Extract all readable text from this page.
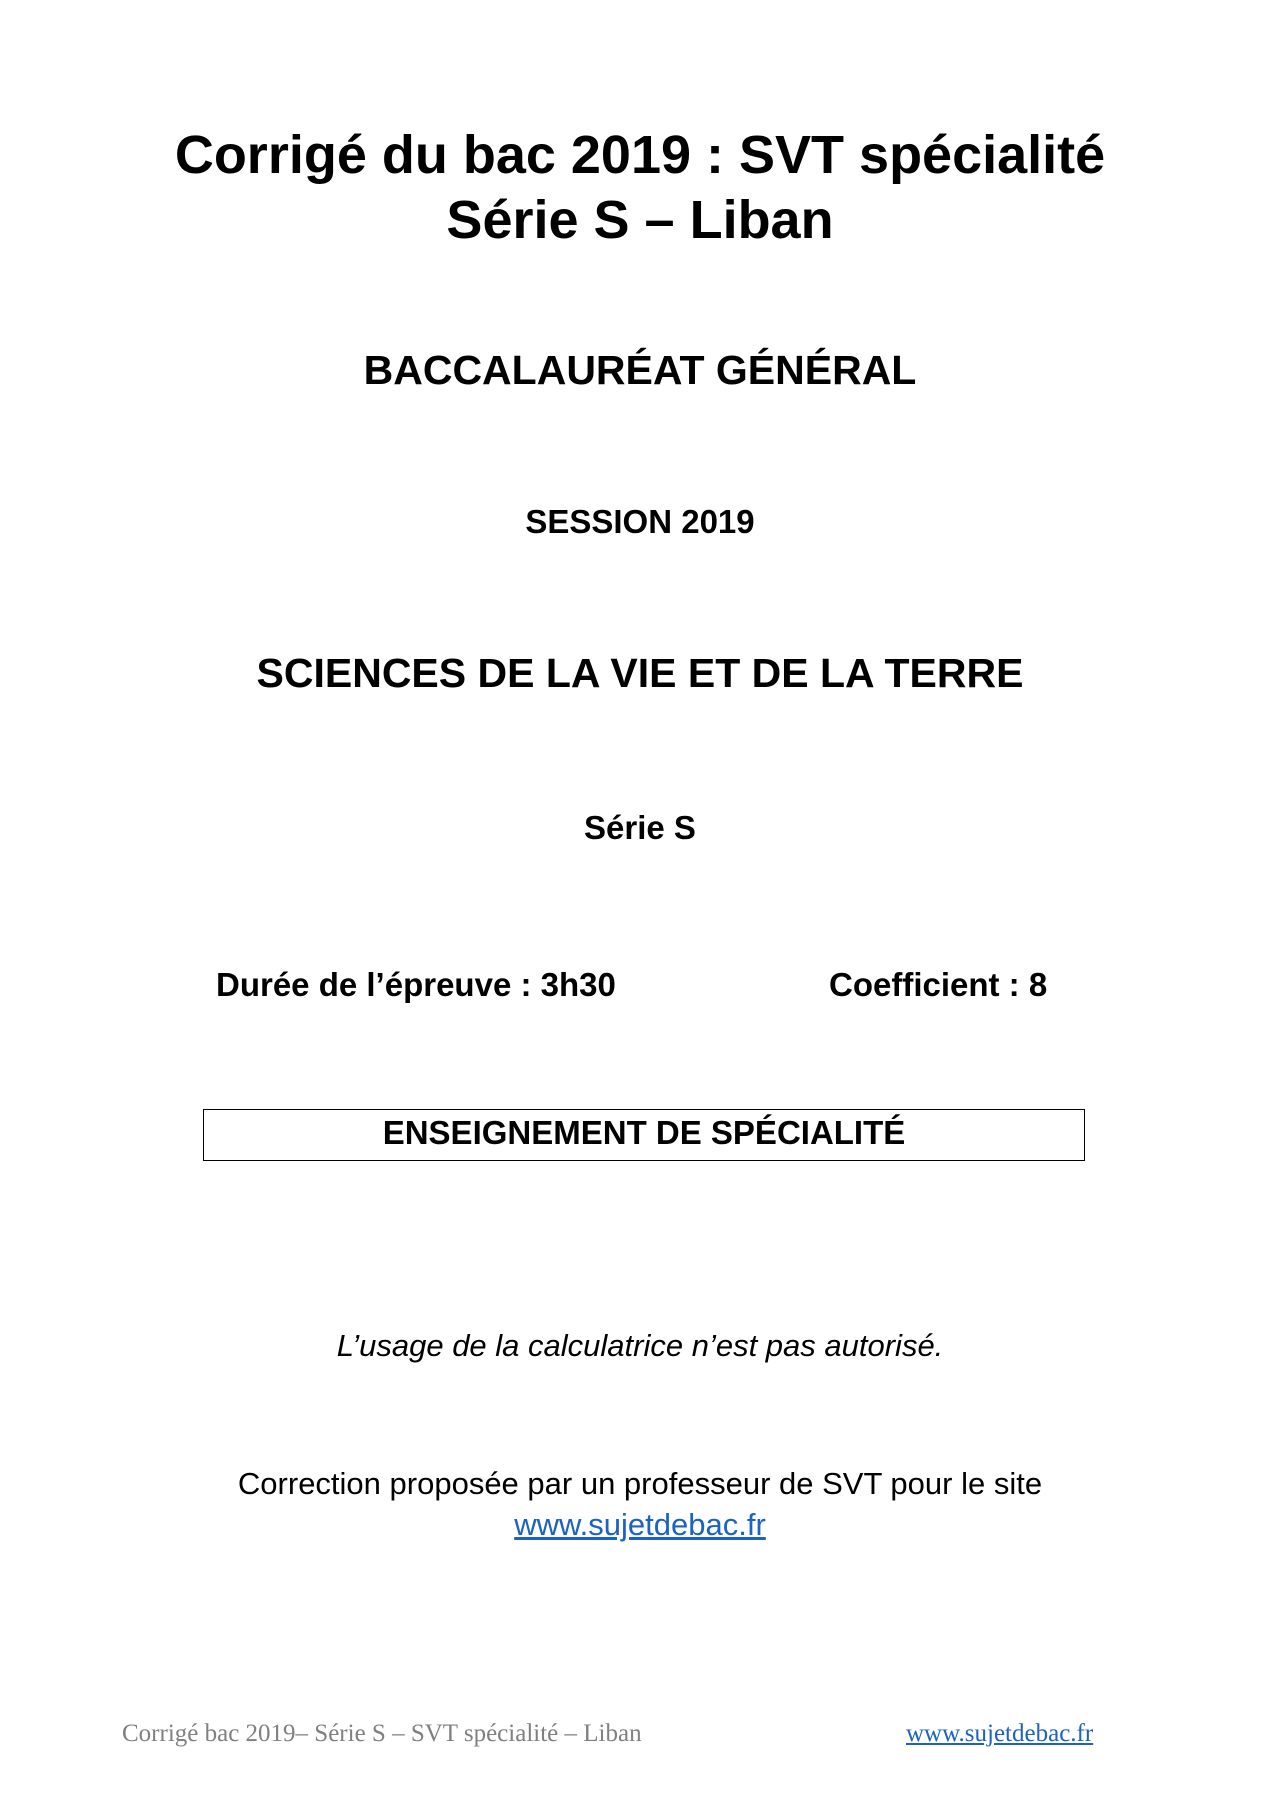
Corrigé du bac 2019 : SVT spécialité
Série S – Liban
BACCALAURÉAT GÉNÉRAL
SESSION 2019
SCIENCES DE LA VIE ET DE LA TERRE
Série S
Durée de l’épreuve : 3h30	Coefficient : 8
ENSEIGNEMENT DE SPÉCIALITÉ
L’usage de la calculatrice n’est pas autorisé.
Correction proposée par un professeur de SVT pour le site
www.sujetdebac.fr
Corrigé bac 2019– Série S – SVT spécialité – Liban	www.sujetdebac.fr
